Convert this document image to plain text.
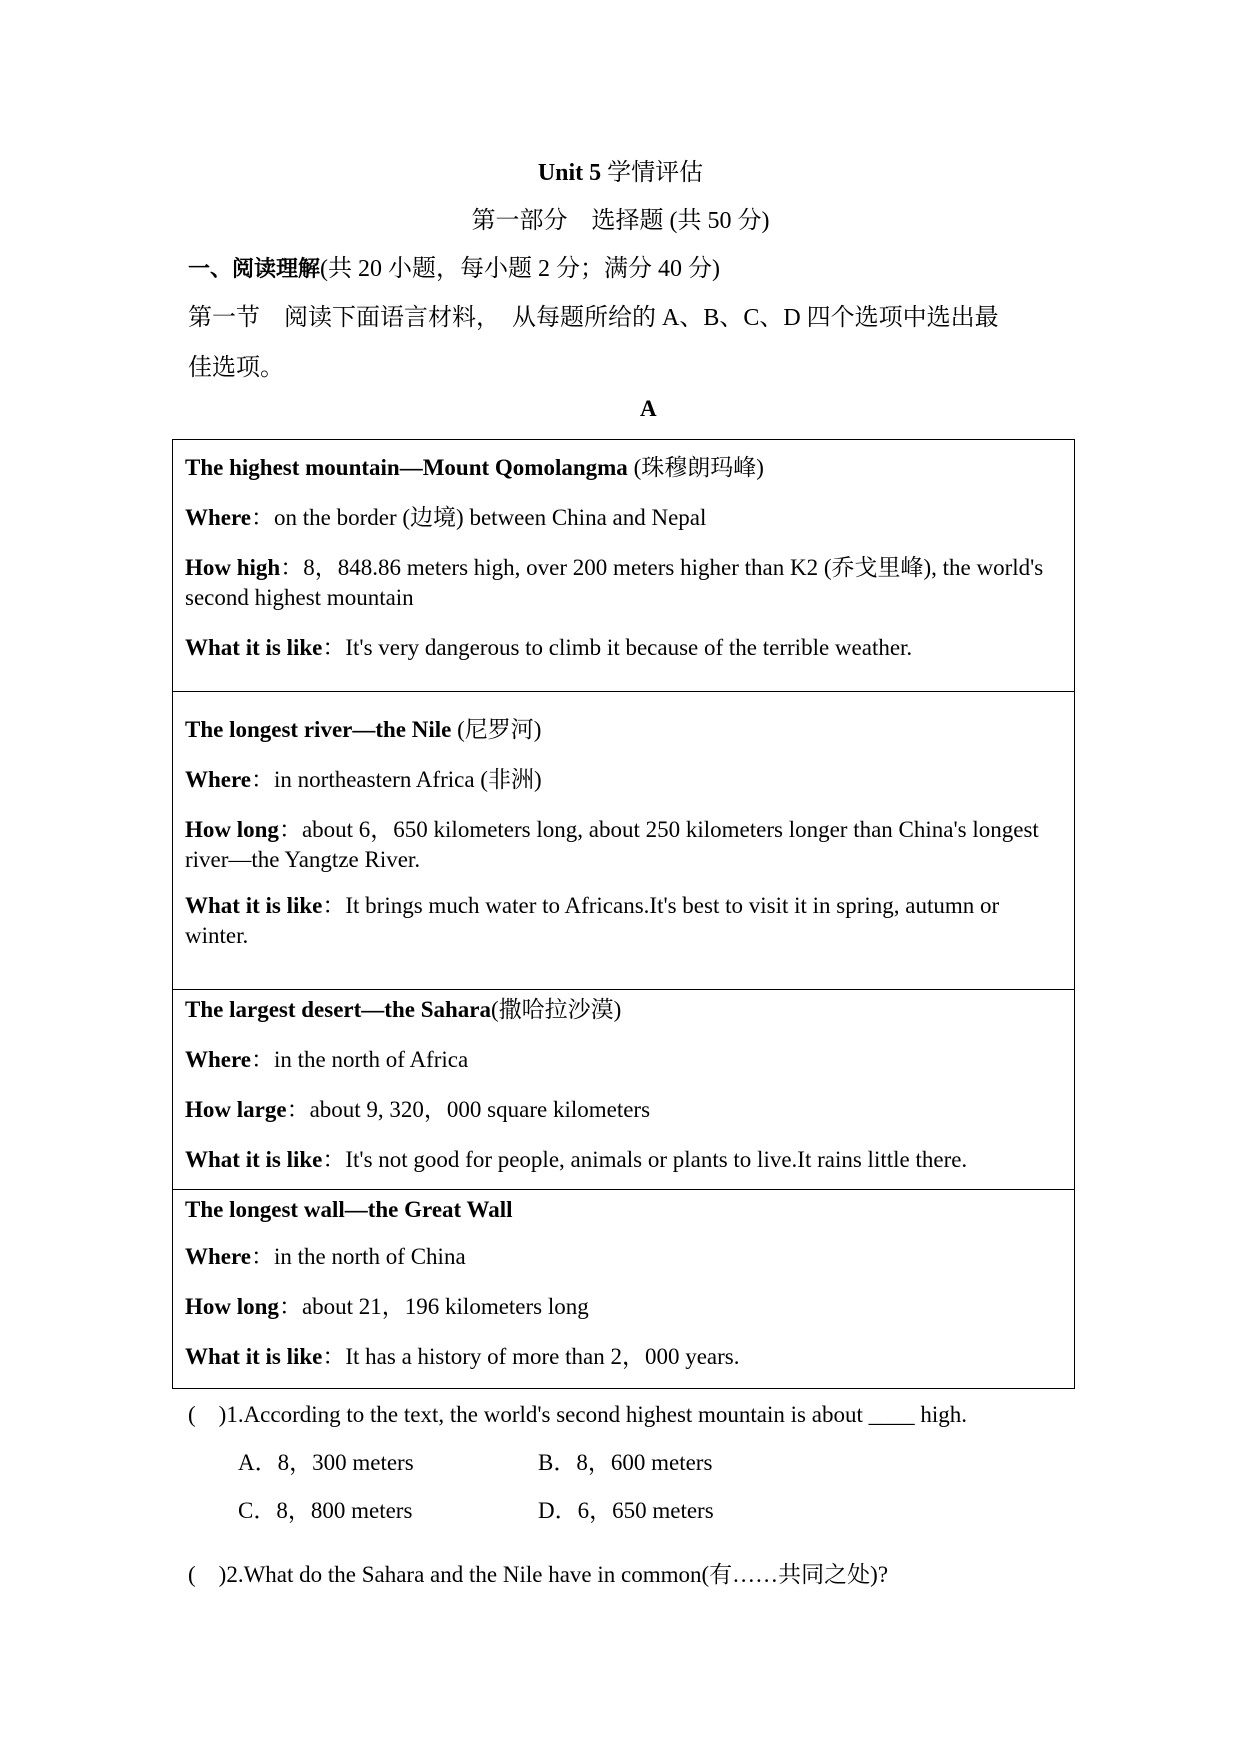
Unit 5 学情评估
第一部分　选择题 (共 50 分)
一、阅读理解(共 20 小题，每小题 2 分；满分 40 分)
第一节　阅读下面语言材料，　从每题所给的 A、B、C、D 四个选项中选出最
佳选项。
A
The highest mountain—Mount Qomolangma (珠穆朗玛峰)
Where：on the border (边境) between China and Nepal
How high：8，848.86 meters high, over 200 meters higher than K2 (乔戈里峰), the world's second highest mountain
What it is like：It's very dangerous to climb it because of the terrible weather.
The longest river—the Nile (尼罗河)
Where：in northeastern Africa (非洲)
How long：about 6，650 kilometers long, about 250 kilometers longer than China's longest river—the Yangtze River.
What it is like：It brings much water to Africans.It's best to visit it in spring, autumn or winter.
The largest desert—the Sahara(撒哈拉沙漠)
Where：in the north of Africa
How large：about 9, 320，000 square kilometers
What it is like：It's not good for people, animals or plants to live.It rains little there.
The longest wall—the Great Wall
Where：in the north of China
How long：about 21，196 kilometers long
What it is like：It has a history of more than 2，000 years.
(　)1.According to the text, the world's second highest mountain is about ____ high.
A．8，300 meters	B．8，600 meters
C．8，800 meters	D．6，650 meters
(　)2.What do the Sahara and the Nile have in common(有……共同之处)?
